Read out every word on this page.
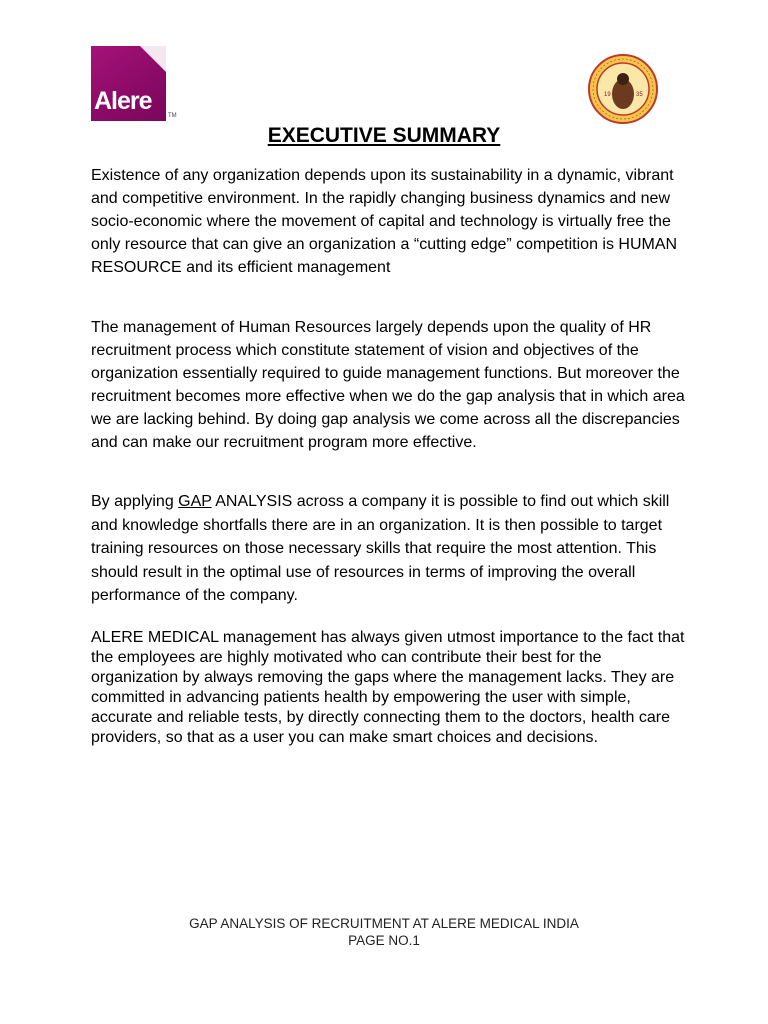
Alere
TM
19	35
EXECUTIVE SUMMARY

Existence of any organization depends upon its sustainability in a dynamic, vibrant and competitive environment. In the rapidly changing business dynamics and new socio-economic where the movement of capital and technology is virtually free the only resource that can give an organization a “cutting edge” competition is HUMAN RESOURCE and its efficient management

The management of Human Resources largely depends upon the quality of HR recruitment process which constitute statement of vision and objectives of the organization essentially required to guide management functions. But moreover the recruitment becomes more effective when we do the gap analysis that in which area we are lacking behind. By doing gap analysis we come across all the discrepancies and can make our recruitment program more effective.

By applying GAP ANALYSIS across a company it is possible to find out which skill and knowledge shortfalls there are in an organization. It is then possible to target training resources on those necessary skills that require the most attention. This should result in the optimal use of resources in terms of improving the overall performance of the company.

ALERE MEDICAL management has always given utmost importance to the fact that the employees are highly motivated who can contribute their best for the organization by always removing the gaps where the management lacks. They are committed in advancing patients health by empowering the user with simple, accurate and reliable tests, by directly connecting them to the doctors, health care providers, so that as a user you can make smart choices and decisions.

GAP ANALYSIS OF RECRUITMENT AT ALERE MEDICAL INDIA
PAGE NO.1
